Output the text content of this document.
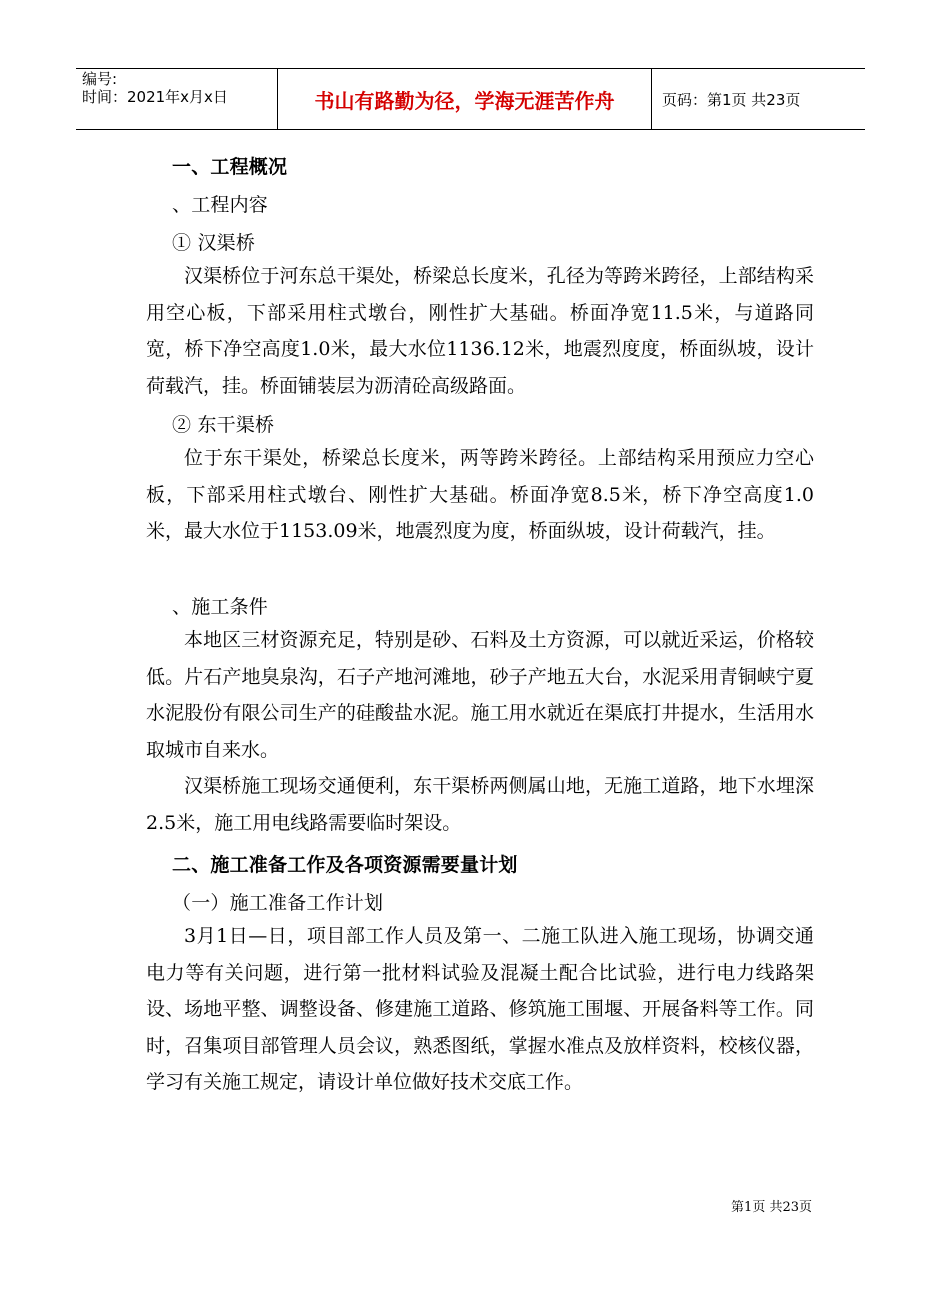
编号:
时间：2021年x月x日	书山有路勤为径，学海无涯苦作舟	页码：第1页 共23页
一、工程概况
、工程内容
① 汉渠桥
汉渠桥位于河东总干渠处，桥梁总长度米，孔径为等跨米跨径，上部结构采用空心板，下部采用柱式墩台，刚性扩大基础。桥面净宽11.5米，与道路同宽，桥下净空高度1.0米，最大水位1136.12米，地震烈度度，桥面纵坡，设计荷载汽，挂。桥面铺装层为沥清砼高级路面。
② 东干渠桥
位于东干渠处，桥梁总长度米，两等跨米跨径。上部结构采用预应力空心板，下部采用柱式墩台、刚性扩大基础。桥面净宽8.5米，桥下净空高度1.0米，最大水位于1153.09米，地震烈度为度，桥面纵坡，设计荷载汽，挂。
、施工条件
本地区三材资源充足，特别是砂、石料及土方资源，可以就近采运，价格较低。片石产地臭泉沟，石子产地河滩地，砂子产地五大台，水泥采用青铜峡宁夏水泥股份有限公司生产的硅酸盐水泥。施工用水就近在渠底打井提水，生活用水取城市自来水。
汉渠桥施工现场交通便利，东干渠桥两侧属山地，无施工道路，地下水埋深2.5米，施工用电线路需要临时架设。
二、施工准备工作及各项资源需要量计划
（一）施工准备工作计划
3月1日—日，项目部工作人员及第一、二施工队进入施工现场，协调交通电力等有关问题，进行第一批材料试验及混凝土配合比试验，进行电力线路架设、场地平整、调整设备、修建施工道路、修筑施工围堰、开展备料等工作。同时，召集项目部管理人员会议，熟悉图纸，掌握水准点及放样资料，校核仪器，学习有关施工规定，请设计单位做好技术交底工作。
第1页 共23页
